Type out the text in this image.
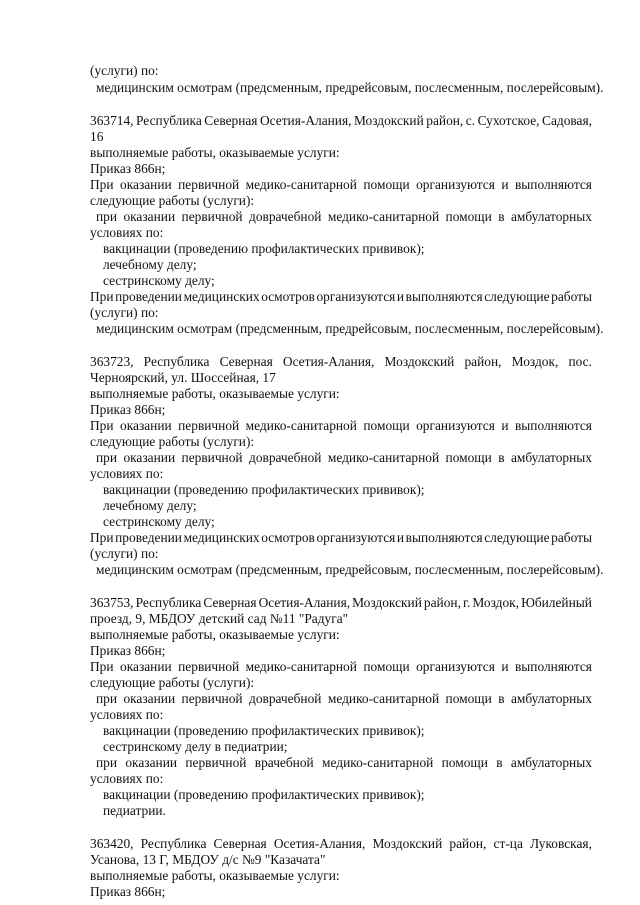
(услуги) по:
медицинским осмотрам (предсменным, предрейсовым, послесменным, послерейсовым).
363714, Республика Северная Осетия-Алания, Моздокский район, с. Сухотское, Садовая,
16
выполняемые работы, оказываемые услуги:
Приказ 866н;
При оказании первичной медико-санитарной помощи организуются и выполняются
следующие работы (услуги):
при оказании первичной доврачебной медико-санитарной помощи в амбулаторных
условиях по:
вакцинации (проведению профилактических прививок);
лечебному делу;
сестринскому делу;
При проведении медицинских осмотров организуются и выполняются следующие работы
(услуги) по:
медицинским осмотрам (предсменным, предрейсовым, послесменным, послерейсовым).
363723, Республика Северная Осетия-Алания, Моздокский район, Моздок, пос.
Черноярский, ул. Шоссейная, 17
выполняемые работы, оказываемые услуги:
Приказ 866н;
При оказании первичной медико-санитарной помощи организуются и выполняются
следующие работы (услуги):
при оказании первичной доврачебной медико-санитарной помощи в амбулаторных
условиях по:
вакцинации (проведению профилактических прививок);
лечебному делу;
сестринскому делу;
При проведении медицинских осмотров организуются и выполняются следующие работы
(услуги) по:
медицинским осмотрам (предсменным, предрейсовым, послесменным, послерейсовым).
363753, Республика Северная Осетия-Алания, Моздокский район, г. Моздок, Юбилейный
проезд, 9, МБДОУ детский сад №11 "Радуга"
выполняемые работы, оказываемые услуги:
Приказ 866н;
При оказании первичной медико-санитарной помощи организуются и выполняются
следующие работы (услуги):
при оказании первичной доврачебной медико-санитарной помощи в амбулаторных
условиях по:
вакцинации (проведению профилактических прививок);
сестринскому делу в педиатрии;
при оказании первичной врачебной медико-санитарной помощи в амбулаторных
условиях по:
вакцинации (проведению профилактических прививок);
педиатрии.
363420, Республика Северная Осетия-Алания, Моздокский район, ст-ца Луковская,
Усанова, 13 Г, МБДОУ д/с №9 "Казачата"
выполняемые работы, оказываемые услуги:
Приказ 866н;
